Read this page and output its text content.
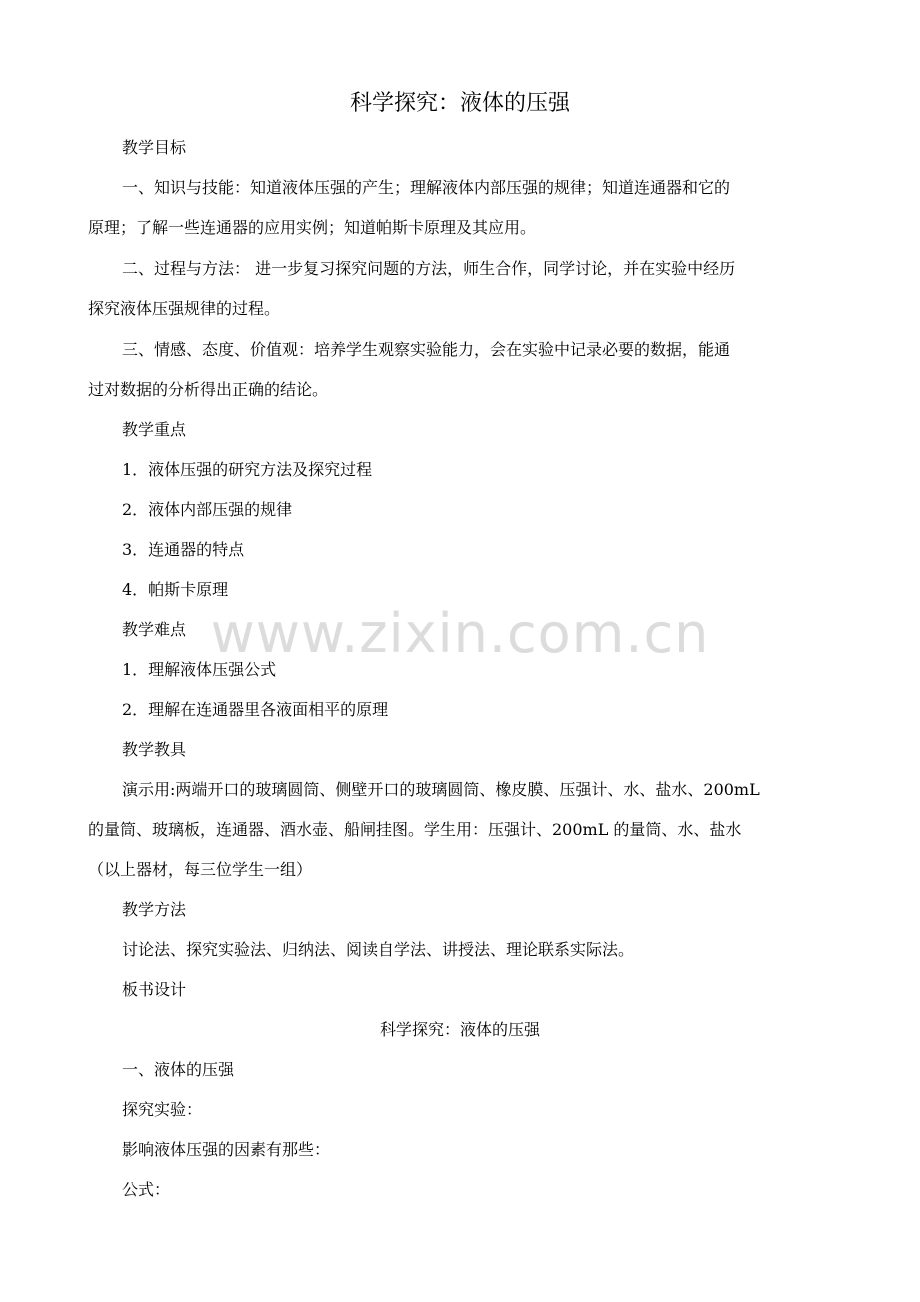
科学探究：液体的压强
教学目标
一、知识与技能：知道液体压强的产生；理解液体内部压强的规律；知道连通器和它的
原理；了解一些连通器的应用实例；知道帕斯卡原理及其应用。
二、过程与方法： 进一步复习探究问题的方法，师生合作，同学讨论，并在实验中经历
探究液体压强规律的过程。
三、情感、态度、价值观：培养学生观察实验能力，会在实验中记录必要的数据，能通
过对数据的分析得出正确的结论。
教学重点
1．液体压强的研究方法及探究过程
2．液体内部压强的规律
3．连通器的特点
4．帕斯卡原理
教学难点
1．理解液体压强公式
2．理解在连通器里各液面相平的原理
教学教具
演示用:两端开口的玻璃圆筒、侧壁开口的玻璃圆筒、橡皮膜、压强计、水、盐水、200mL
的量筒、玻璃板，连通器、酒水壶、船闸挂图。学生用：压强计、200mL 的量筒、水、盐水
（以上器材，每三位学生一组）
教学方法
讨论法、探究实验法、归纳法、阅读自学法、讲授法、理论联系实际法。
板书设计
科学探究：液体的压强
一、液体的压强
探究实验：
影响液体压强的因素有那些：
公式：
www.zixin.com.cn
